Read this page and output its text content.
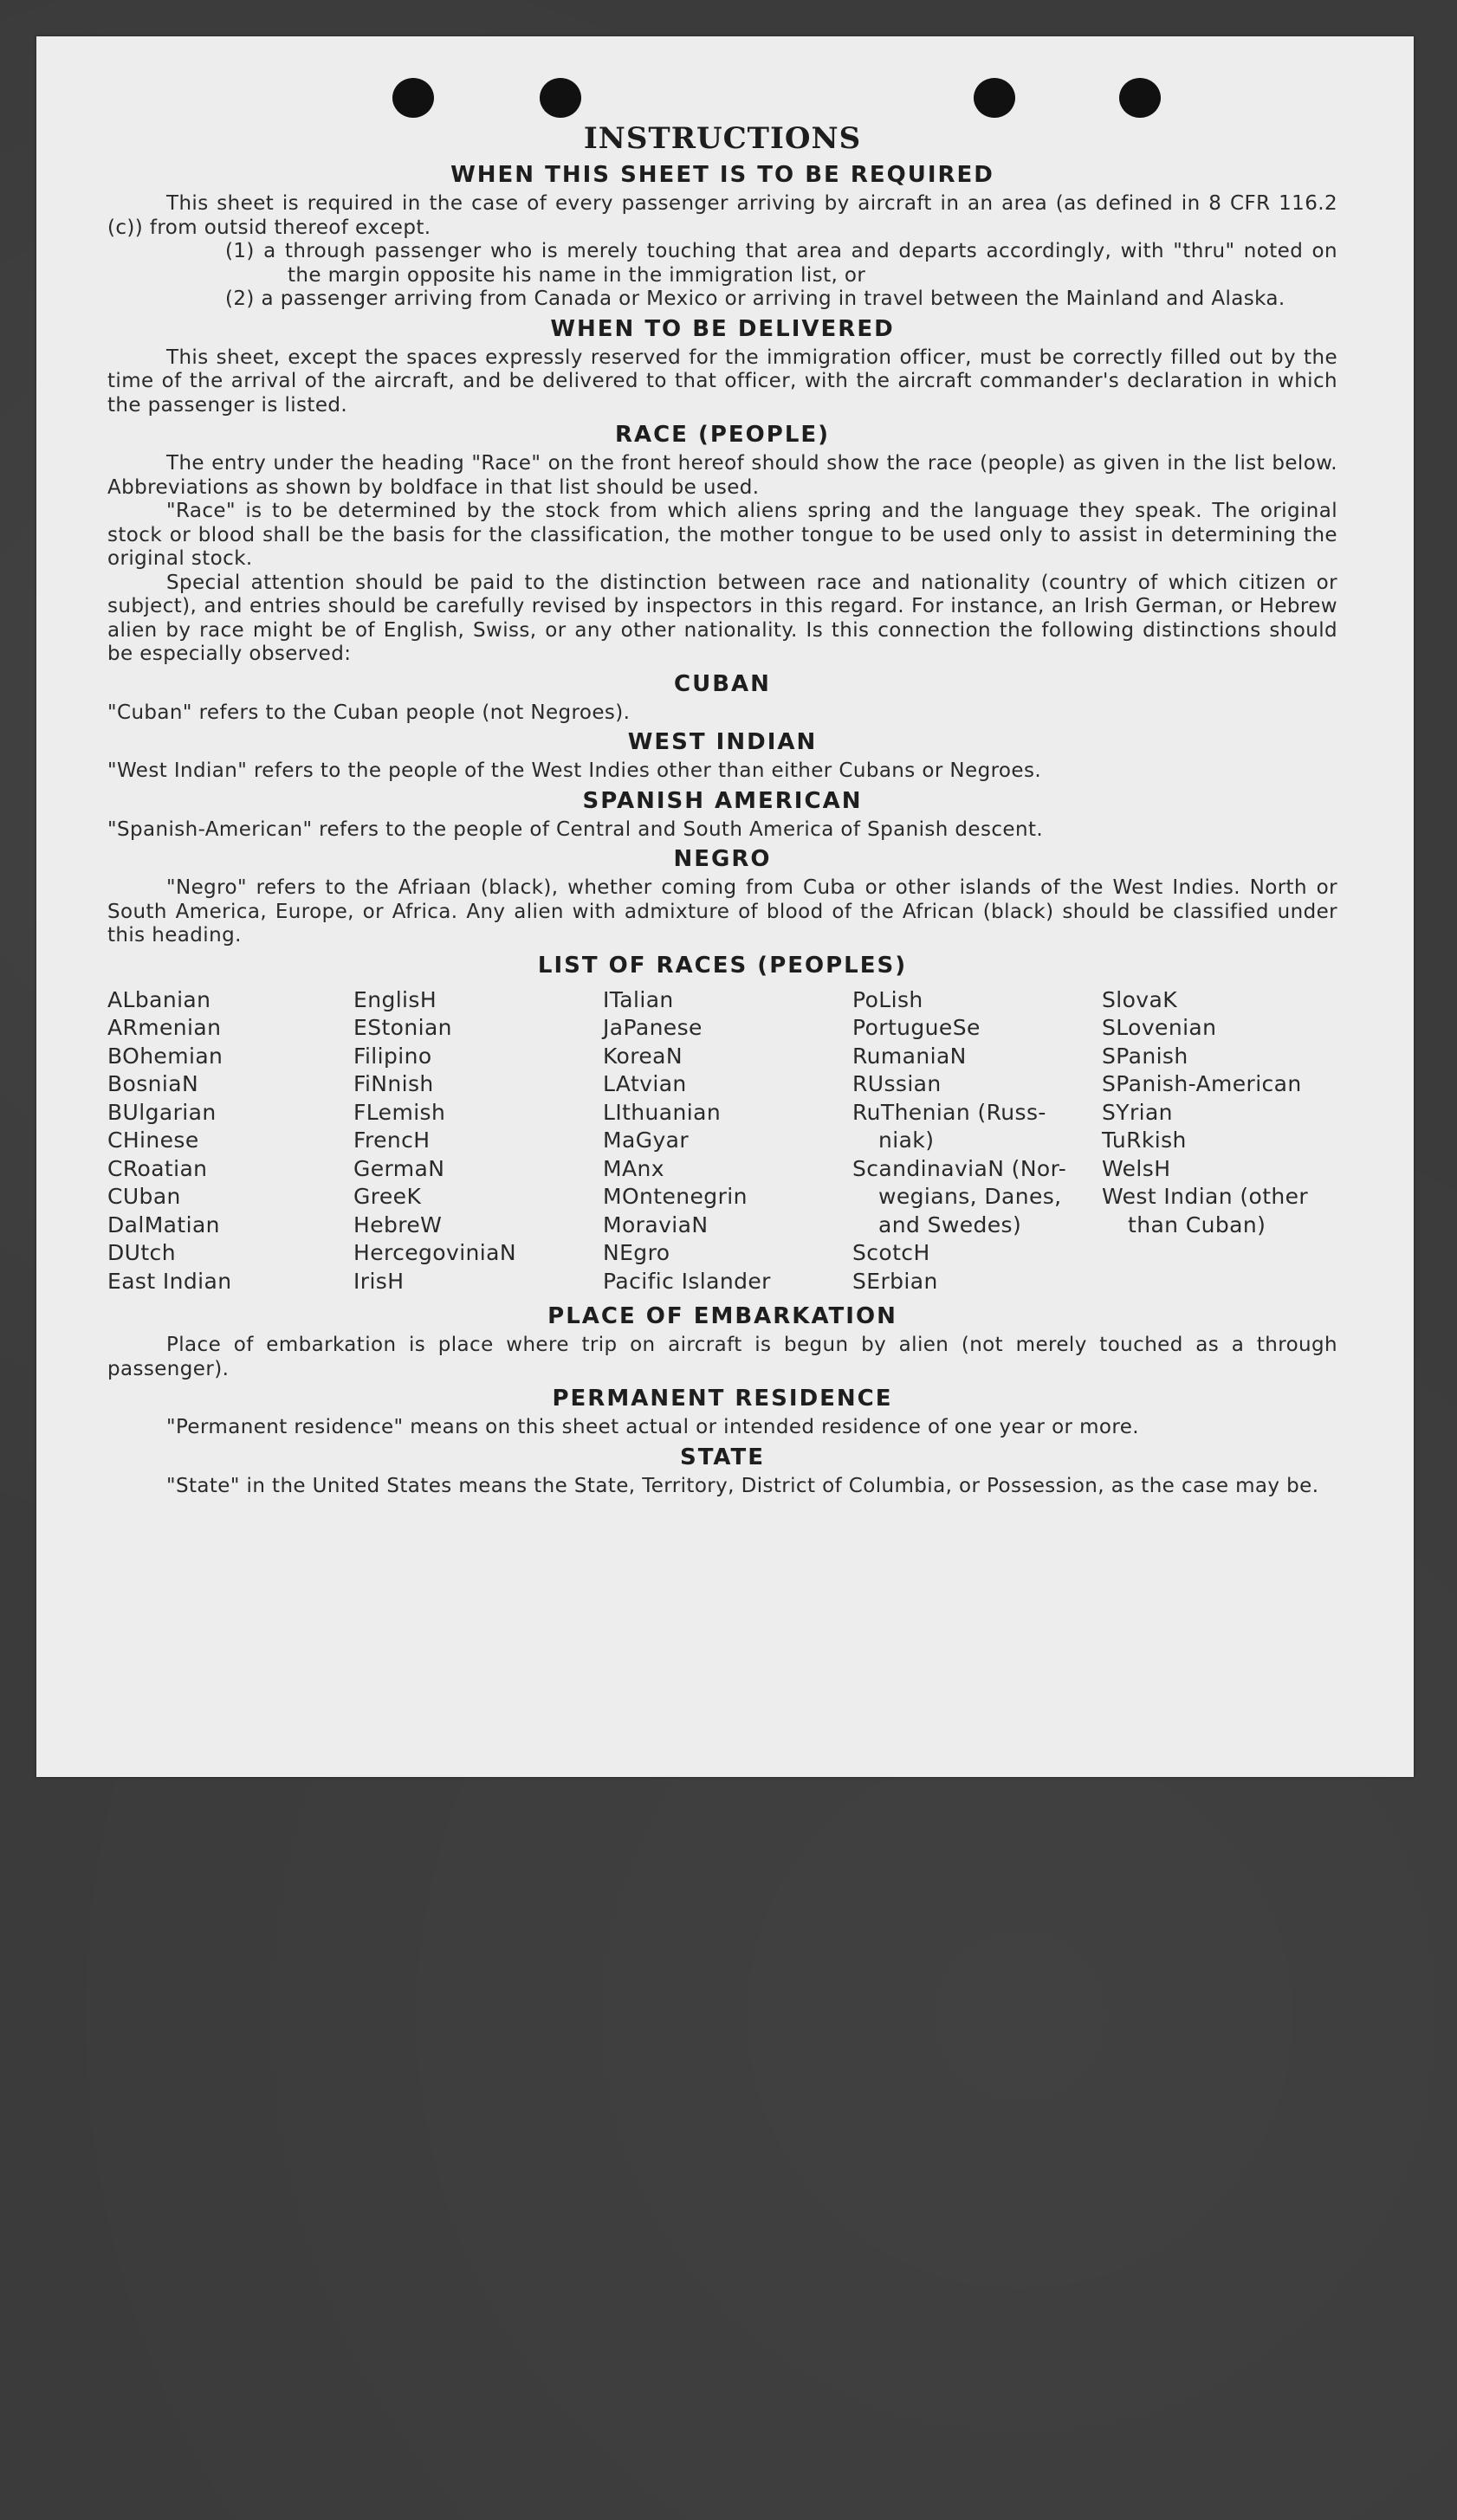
INSTRUCTIONS
WHEN THIS SHEET IS TO BE REQUIRED

This sheet is required in the case of every passenger arriving by aircraft in an area (as defined in 8 CFR 116.2 (c)) from outsid thereof except.

(1) a through passenger who is merely touching that area and departs accordingly, with "thru" noted on the margin opposite his name in the immigration list, or

(2) a passenger arriving from Canada or Mexico or arriving in travel between the Mainland and Alaska.

WHEN TO BE DELIVERED

This sheet, except the spaces expressly reserved for the immigration officer, must be correctly filled out by the time of the arrival of the aircraft, and be delivered to that officer, with the aircraft commander's declaration in which the passenger is listed.

RACE (PEOPLE)

The entry under the heading "Race" on the front hereof should show the race (people) as given in the list below. Abbreviations as shown by boldface in that list should be used.

"Race" is to be determined by the stock from which aliens spring and the language they speak. The original stock or blood shall be the basis for the classification, the mother tongue to be used only to assist in determining the original stock.

Special attention should be paid to the distinction between race and nationality (country of which citizen or subject), and entries should be carefully revised by inspectors in this regard. For instance, an Irish German, or Hebrew alien by race might be of English, Swiss, or any other nationality. Is this connection the following distinctions should be especially observed:

CUBAN

"Cuban" refers to the Cuban people (not Negroes).

WEST INDIAN

"West Indian" refers to the people of the West Indies other than either Cubans or Negroes.

SPANISH AMERICAN

"Spanish-American" refers to the people of Central and South America of Spanish descent.

NEGRO

"Negro" refers to the Afriaan (black), whether coming from Cuba or other islands of the West Indies. North or South America, Europe, or Africa. Any alien with admixture of blood of the African (black) should be classified under this heading.

LIST OF RACES (PEOPLES)
ALbanian
ARmenian
BOhemian
BosniaN
BUlgarian
CHinese
CRoatian
CUban
DalMatian
DUtch
East Indian
EnglisH
EStonian
Filipino
FiNnish
FLemish
FrencH
GermaN
GreeK
HebreW
HercegoviniaN
IrisH
ITalian
JaPanese
KoreaN
LAtvian
LIthuanian
MaGyar
MAnx
MOntenegrin
MoraviaN
NEgro
Pacific Islander
PoLish
PortugueSe
RumaniaN
RUssian
RuThenian (Russ-
niak)
ScandinaviaN (Nor-
wegians, Danes,
and Swedes)
ScotcH
SErbian
SlovaK
SLovenian
SPanish
SPanish-American
SYrian
TuRkish
WelsH
West Indian (other
than Cuban)
PLACE OF EMBARKATION

Place of embarkation is place where trip on aircraft is begun by alien (not merely touched as a through passenger).

PERMANENT RESIDENCE

"Permanent residence" means on this sheet actual or intended residence of one year or more.

STATE

"State" in the United States means the State, Territory, District of Columbia, or Possession, as the case may be.
